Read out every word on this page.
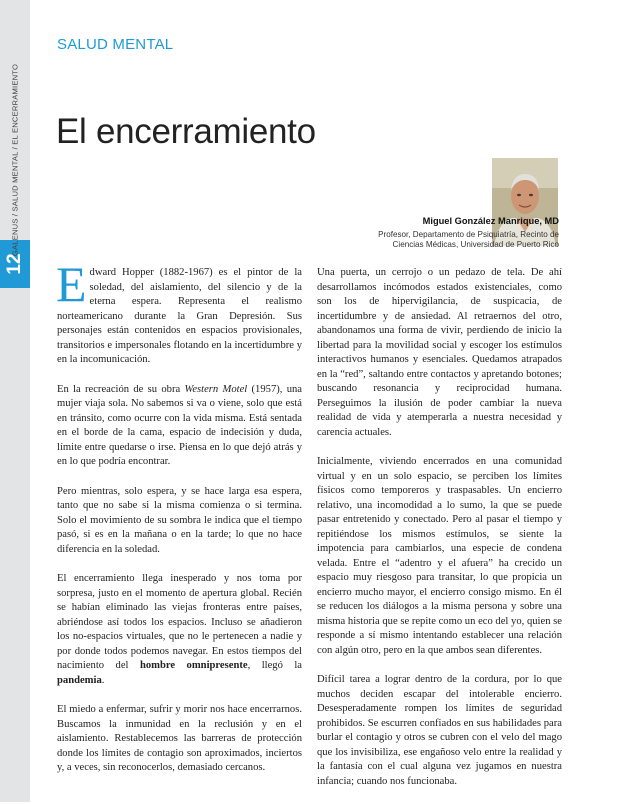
12
GALENUS / SALUD MENTAL / EL ENCERRAMIENTO
SALUD MENTAL
El encerramiento
Miguel González Manrique, MD
Profesor, Departamento de Psiquiatría, Recinto de
Ciencias Médicas, Universidad de Puerto Rico

Edward Hopper (1882-1967) es el pintor de la soledad, del aislamiento, del silencio y de la eterna espera. Representa el realismo norteamericano durante la Gran Depresión. Sus personajes están contenidos en espacios provisionales, transitorios e impersonales flotando en la incertidumbre y en la incomunicación.

En la recreación de su obra Western Motel (1957), una mujer viaja sola. No sabemos si va o viene, solo que está en tránsito, como ocurre con la vida misma. Está sentada en el borde de la cama, espacio de indecisión y duda, límite entre quedarse o irse. Piensa en lo que dejó atrás y en lo que podría encontrar.

Pero mientras, solo espera, y se hace larga esa espera, tanto que no sabe si la misma comienza o si termina. Solo el movimiento de su sombra le indica que el tiempo pasó, si es en la mañana o en la tarde; lo que no hace diferencia en la soledad.

El encerramiento llega inesperado y nos toma por sorpresa, justo en el momento de apertura global. Recién se habían eliminado las viejas fronteras entre países, abriéndose así todos los espacios. Incluso se añadieron los no-espacios virtuales, que no le pertenecen a nadie y por donde todos podemos navegar. En estos tiempos del nacimiento del hombre omnipresente, llegó la pandemia.

El miedo a enfermar, sufrir y morir nos hace encerrarnos. Buscamos la inmunidad en la reclusión y en el aislamiento. Restablecemos las barreras de protección donde los límites de contagio son aproximados, inciertos y, a veces, sin reconocerlos, demasiado cercanos.

Una puerta, un cerrojo o un pedazo de tela. De ahí desarrollamos incómodos estados existenciales, como son los de hipervigilancia, de suspicacia, de incertidumbre y de ansiedad. Al retraernos del otro, abandonamos una forma de vivir, perdiendo de inicio la libertad para la movilidad social y escoger los estímulos interactivos humanos y esenciales. Quedamos atrapados en la “red”, saltando entre contactos y apretando botones; buscando resonancia y reciprocidad humana. Perseguimos la ilusión de poder cambiar la nueva realidad de vida y atemperarla a nuestra necesidad y carencia actuales.

Inicialmente, viviendo encerrados en una comunidad virtual y en un solo espacio, se perciben los límites físicos como temporeros y traspasables. Un encierro relativo, una incomodidad a lo sumo, la que se puede pasar entretenido y conectado. Pero al pasar el tiempo y repitiéndose los mismos estímulos, se siente la impotencia para cambiarlos, una especie de condena velada. Entre el “adentro y el afuera” ha crecido un espacio muy riesgoso para transitar, lo que propicia un encierro mucho mayor, el encierro consigo mismo. En él se reducen los diálogos a la misma persona y sobre una misma historia que se repite como un eco del yo, quien se responde a sí mismo intentando establecer una relación con algún otro, pero en la que ambos sean diferentes.

Difícil tarea a lograr dentro de la cordura, por lo que muchos deciden escapar del intolerable encierro. Desesperadamente rompen los límites de seguridad prohibidos. Se escurren confiados en sus habilidades para burlar el contagio y otros se cubren con el velo del mago que los invisibiliza, ese engañoso velo entre la realidad y la fantasía con el cual alguna vez jugamos en nuestra infancia; cuando nos funcionaba.
